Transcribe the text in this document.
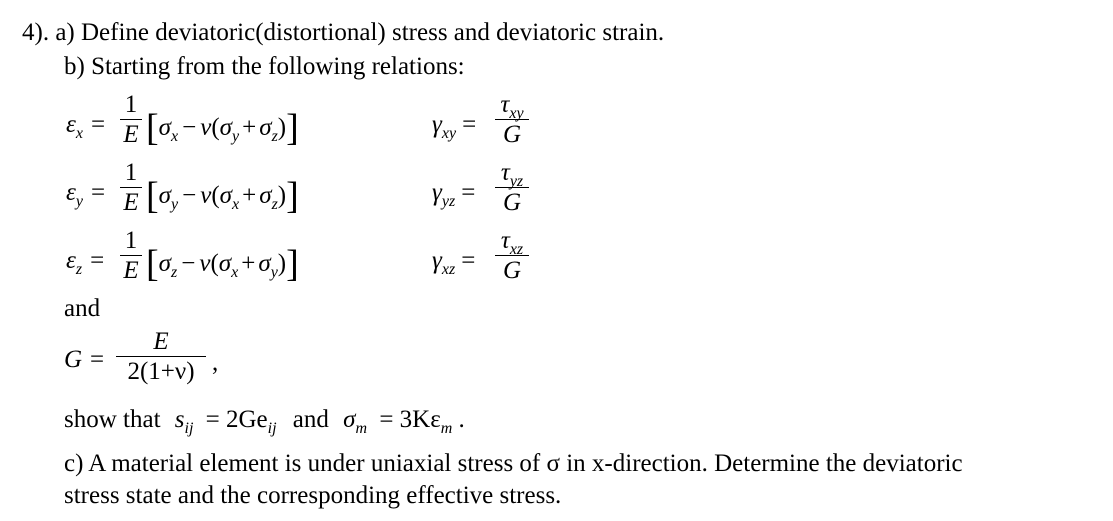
4). a) Define deviatoric(distortional) stress and deviatoric strain.
b) Starting from the following relations:
$\varepsilon_x$ =
1
E $[\sigma_x - \nu(\sigma_y + \sigma_z)]$
$\varepsilon_y$ =
1
E $[\sigma_y - \nu(\sigma_x + \sigma_z)]$
$\varepsilon_z$ =
1
E $[\sigma_z - \nu(\sigma_x + \sigma_y)]$
$\gamma_{xy}$ =
$\tau_{xy}$
G
$\gamma_{yz}$ =
$\tau_{yz}$
G
$\gamma_{xz}$ =
$\tau_{xz}$
G
and
G =
E
2(1+ν) ,
show that $s_{ij} = 2Ge_{ij}$ and $\sigma_m = 3K\varepsilon_m$ .
c) A material element is under uniaxial stress of σ in x-direction. Determine the deviatoric
stress state and the corresponding effective stress.
